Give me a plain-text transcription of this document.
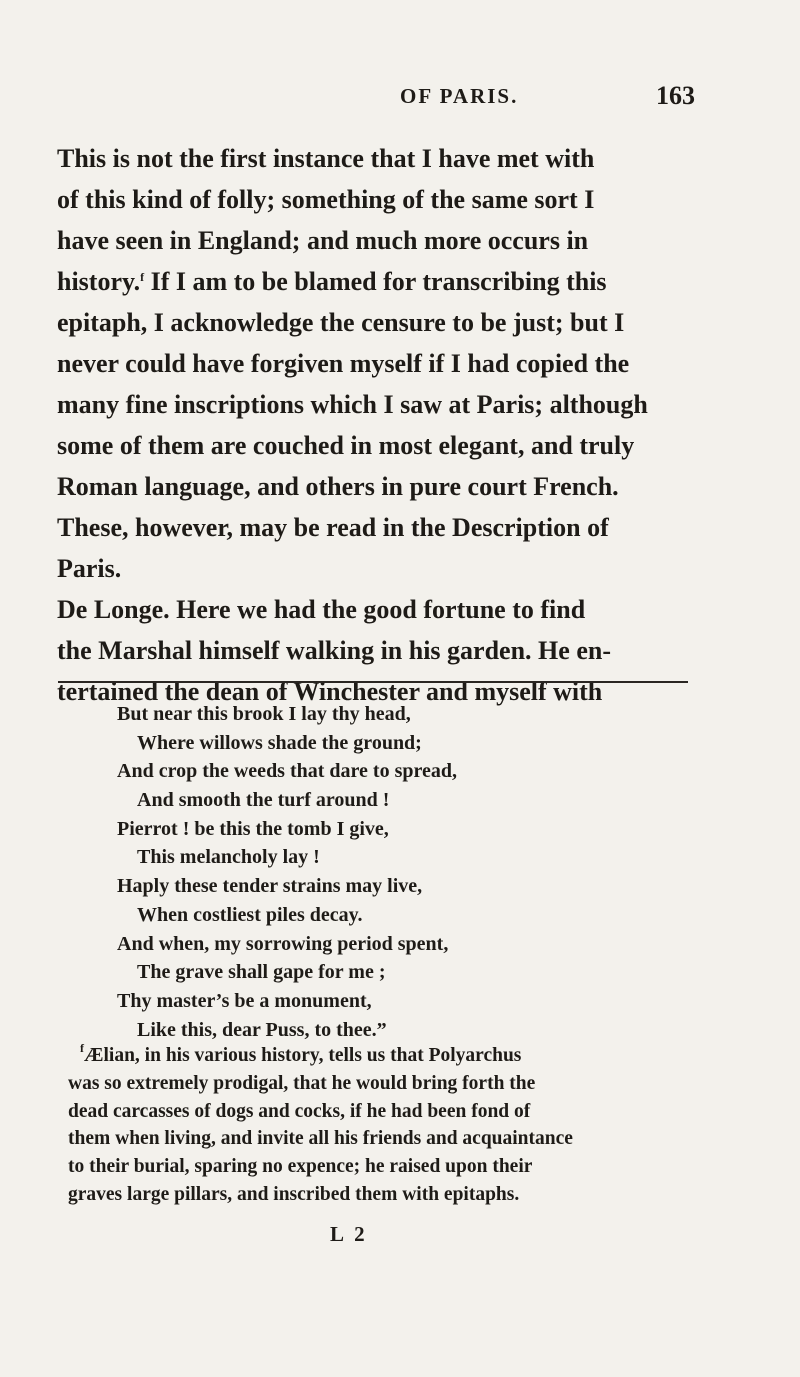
OF PARIS.	163
This is not the first instance that I have met with
of this kind of folly; something of the same sort I
have seen in England; and much more occurs in
history.$^f$ If I am to be blamed for transcribing this
epitaph, I acknowledge the censure to be just; but I
never could have forgiven myself if I had copied the
many fine inscriptions which I saw at Paris; although
some of them are couched in most elegant, and truly
Roman language, and others in pure court French.
These, however, may be read in the Description of
Paris.
De Longe. Here we had the good fortune to find
the Marshal himself walking in his garden. He en-
tertained the dean of Winchester and myself with
But near this brook I lay thy head,
Where willows shade the ground;
And crop the weeds that dare to spread,
And smooth the turf around !
Pierrot ! be this the tomb I give,
This melancholy lay !
Haply these tender strains may live,
When costliest piles decay.
And when, my sorrowing period spent,
The grave shall gape for me ;
Thy master’s be a monument,
Like this, dear Puss, to thee.”
$^f$Ælian, in his various history, tells us that Polyarchus
was so extremely prodigal, that he would bring forth the
dead carcasses of dogs and cocks, if he had been fond of
them when living, and invite all his friends and acquaintance
to their burial, sparing no expence; he raised upon their
graves large pillars, and inscribed them with epitaphs.
L 2
